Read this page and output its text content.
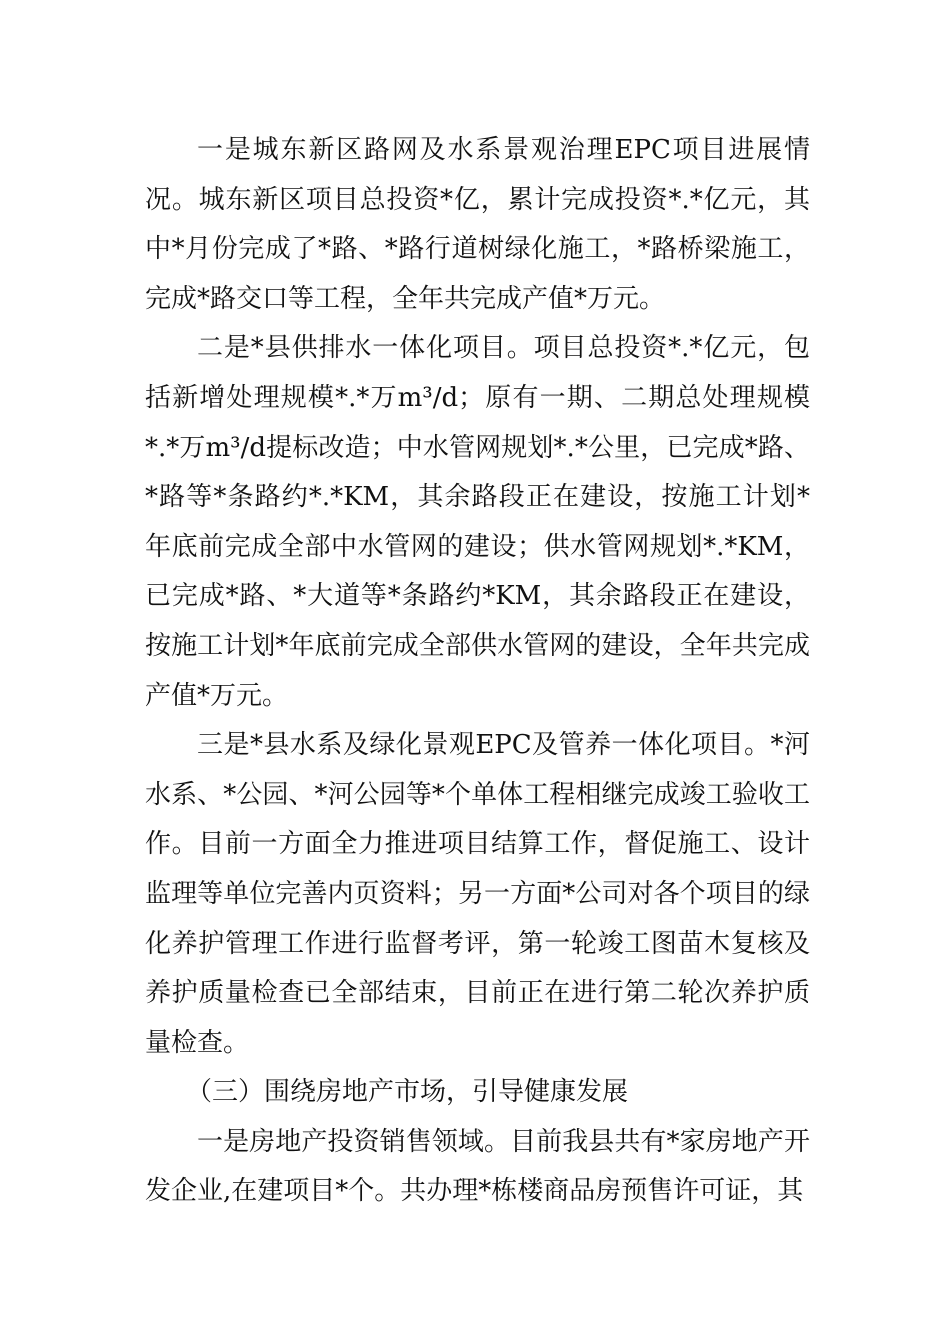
一是城东新区路网及水系景观治理EPC项目进展情况。城东新区项目总投资*亿，累计完成投资*.*亿元，其中*月份完成了*路、*路行道树绿化施工，*路桥梁施工，完成*路交口等工程，全年共完成产值*万元。

二是*县供排水一体化项目。项目总投资*.*亿元，包括新增处理规模*.*万m³/d；原有一期、二期总处理规模*.*万m³/d提标改造；中水管网规划*.*公里，已完成*路、*路等*条路约*.*KM，其余路段正在建设，按施工计划*年底前完成全部中水管网的建设；供水管网规划*.*KM，已完成*路、*大道等*条路约*KM，其余路段正在建设，按施工计划*年底前完成全部供水管网的建设，全年共完成产值*万元。

三是*县水系及绿化景观EPC及管养一体化项目。*河水系、*公园、*河公园等*个单体工程相继完成竣工验收工作。目前一方面全力推进项目结算工作，督促施工、设计监理等单位完善内页资料；另一方面*公司对各个项目的绿化养护管理工作进行监督考评，第一轮竣工图苗木复核及养护质量检查已全部结束，目前正在进行第二轮次养护质量检查。

（三）围绕房地产市场，引导健康发展

一是房地产投资销售领域。目前我县共有*家房地产开发企业,在建项目*个。共办理*栋楼商品房预售许可证，其
